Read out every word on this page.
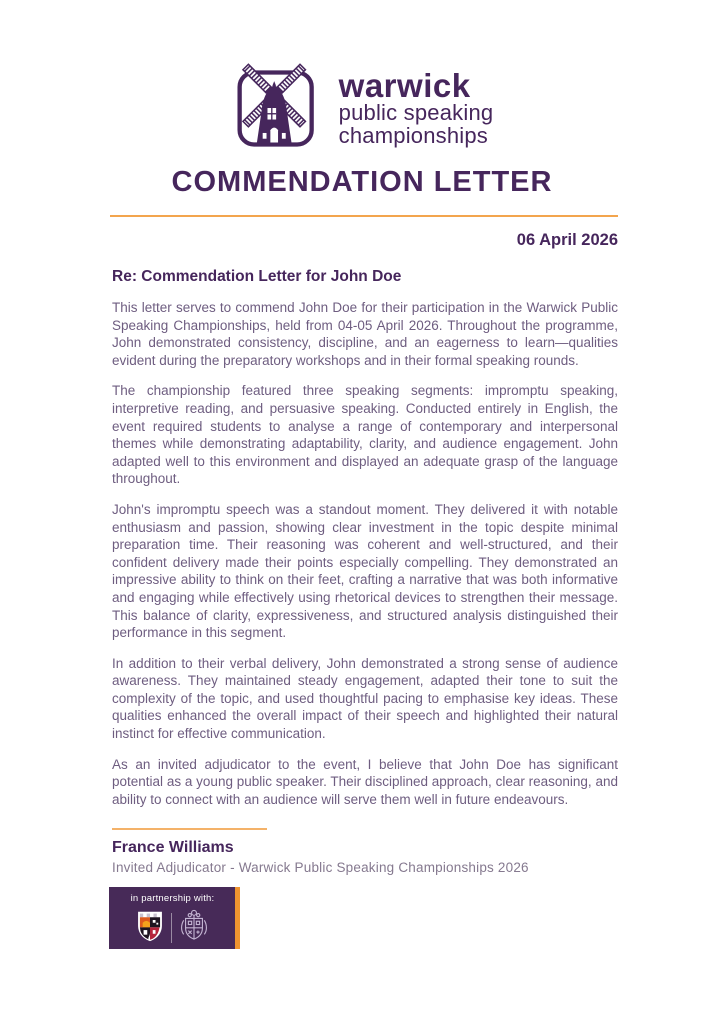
warwick
public speaking
championships
COMMENDATION LETTER
06 April 2026
Re: Commendation Letter for John Doe

This letter serves to commend John Doe for their participation in the Warwick Public Speaking Championships, held from 04-05 April 2026. Throughout the programme, John demonstrated consistency, discipline, and an eagerness to learn—qualities evident during the preparatory workshops and in their formal speaking rounds.

The championship featured three speaking segments: impromptu speaking, interpretive reading, and persuasive speaking. Conducted entirely in English, the event required students to analyse a range of contemporary and interpersonal themes while demonstrating adaptability, clarity, and audience engagement. John adapted well to this environment and displayed an adequate grasp of the language throughout.

John's impromptu speech was a standout moment. They delivered it with notable enthusiasm and passion, showing clear investment in the topic despite minimal preparation time. Their reasoning was coherent and well-structured, and their confident delivery made their points especially compelling. They demonstrated an impressive ability to think on their feet, crafting a narrative that was both informative and engaging while effectively using rhetorical devices to strengthen their message. This balance of clarity, expressiveness, and structured analysis distinguished their performance in this segment.

In addition to their verbal delivery, John demonstrated a strong sense of audience awareness. They maintained steady engagement, adapted their tone to suit the complexity of the topic, and used thoughtful pacing to emphasise key ideas. These qualities enhanced the overall impact of their speech and highlighted their natural instinct for effective communication.

As an invited adjudicator to the event, I believe that John Doe has significant potential as a young public speaker. Their disciplined approach, clear reasoning, and ability to connect with an audience will serve them well in future endeavours.

France Williams
Invited Adjudicator - Warwick Public Speaking Championships 2026
in partnership with:
